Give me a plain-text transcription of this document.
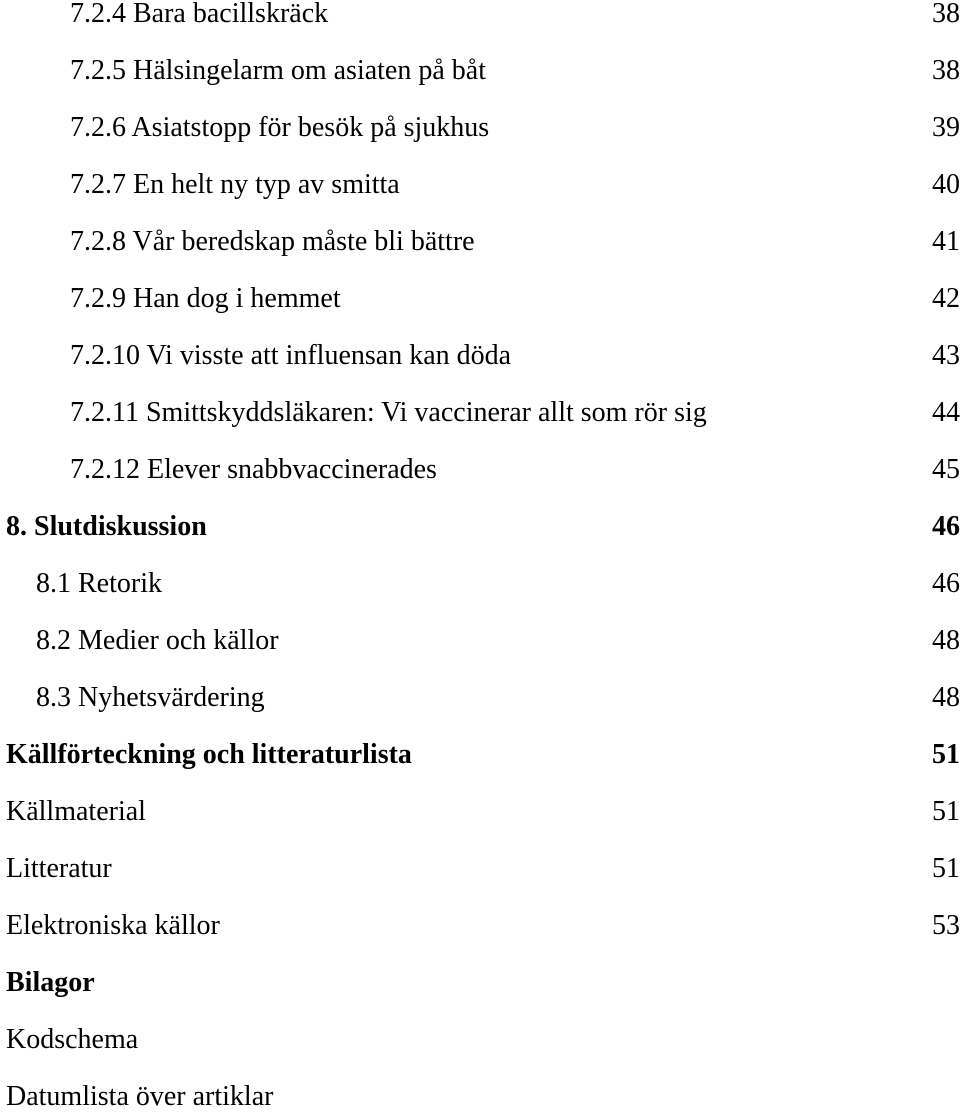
7.2.4 Bara bacillskräck	38
7.2.5 Hälsingelarm om asiaten på båt	38
7.2.6 Asiatstopp för besök på sjukhus	39
7.2.7 En helt ny typ av smitta	40
7.2.8 Vår beredskap måste bli bättre	41
7.2.9 Han dog i hemmet	42
7.2.10 Vi visste att influensan kan döda	43
7.2.11 Smittskyddsläkaren: Vi vaccinerar allt som rör sig	44
7.2.12 Elever snabbvaccinerades	45
8. Slutdiskussion	46
8.1 Retorik	46
8.2 Medier och källor	48
8.3 Nyhetsvärdering	48
Källförteckning och litteraturlista	51
Källmaterial	51
Litteratur	51
Elektroniska källor	53
Bilagor
Kodschema
Datumlista över artiklar
